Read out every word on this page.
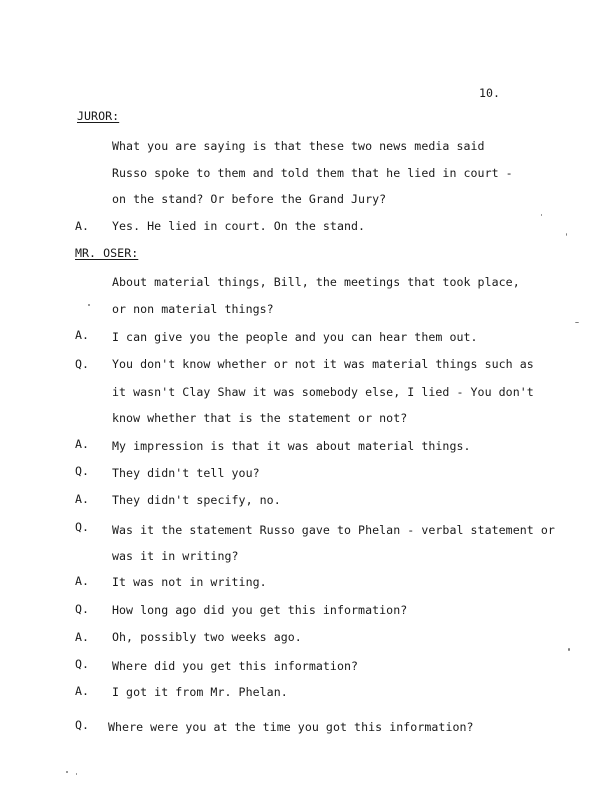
10.
JUROR:
What you are saying is that these two news media said
Russo spoke to them and told them that he lied in court -
on the stand? Or before the Grand Jury?
A. Yes. He lied in court. On the stand.
MR. OSER:
About material things, Bill, the meetings that took place,
or non material things?
A. I can give you the people and you can hear them out.
Q. You don't know whether or not it was material things such as
it wasn't Clay Shaw it was somebody else, I lied - You don't
know whether that is the statement or not?
A. My impression is that it was about material things.
Q. They didn't tell you?
A. They didn't specify, no.
Q. Was it the statement Russo gave to Phelan - verbal statement or
was it in writing?
A. It was not in writing.
Q. How long ago did you get this information?
A. Oh, possibly two weeks ago.
Q. Where did you get this information?
A. I got it from Mr. Phelan.
Q. Where were you at the time you got this information?
